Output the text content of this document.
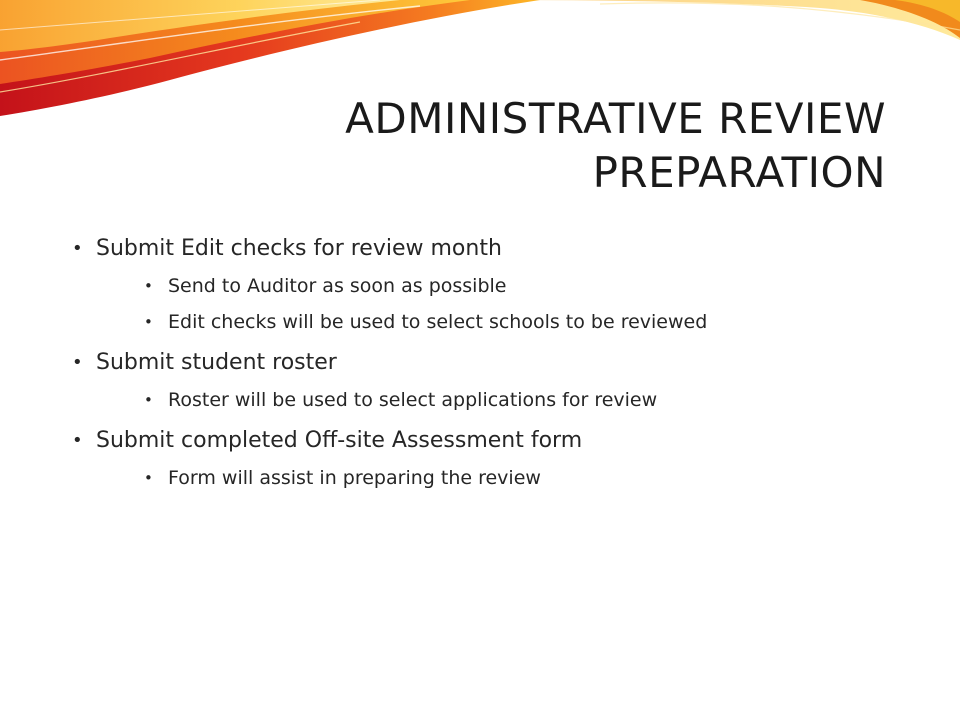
ADMINISTRATIVE REVIEW
PREPARATION
• Submit Edit checks for review month
• Send to Auditor as soon as possible
• Edit checks will be used to select schools to be reviewed
• Submit student roster
• Roster will be used to select applications for review
• Submit completed Off-site Assessment form
• Form will assist in preparing the review
